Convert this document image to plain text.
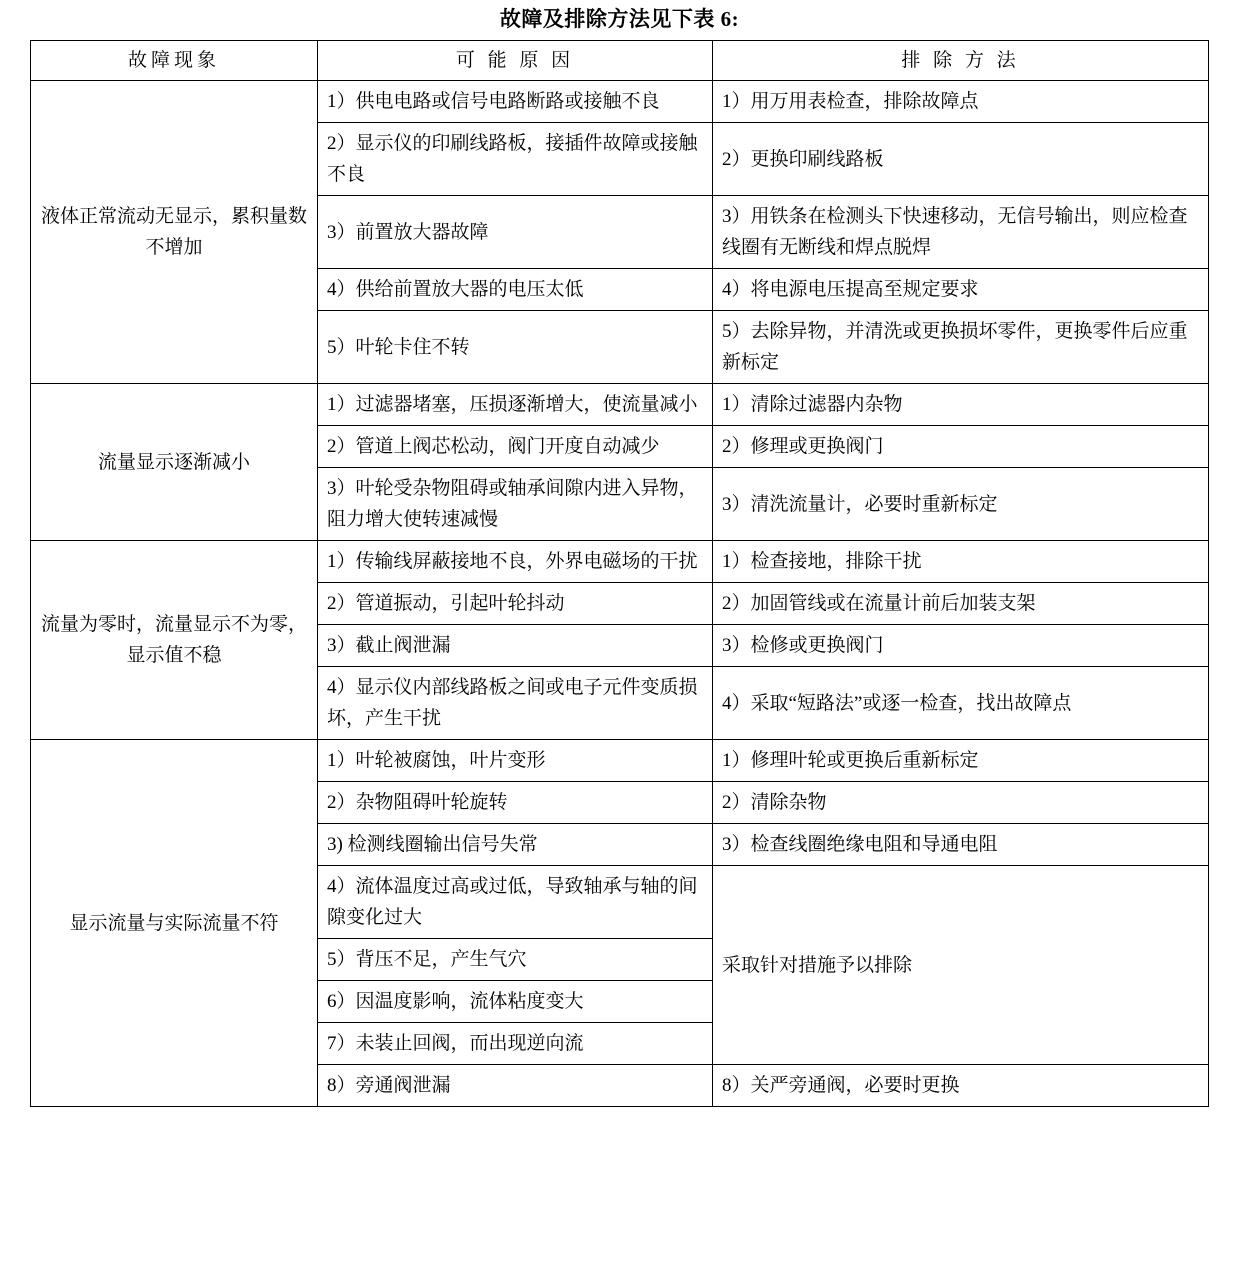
故障及排除方法见下表 6:
故障现象	可 能 原 因	排 除 方 法
液体正常流动无显示，累积量数不增加	1）供电电路或信号电路断路或接触不良	1）用万用表检查，排除故障点
	2）显示仪的印刷线路板，接插件故障或接触不良	2）更换印刷线路板
	3）前置放大器故障	3）用铁条在检测头下快速移动，无信号输出，则应检查线圈有无断线和焊点脱焊
	4）供给前置放大器的电压太低	4）将电源电压提高至规定要求
	5）叶轮卡住不转	5）去除异物，并清洗或更换损坏零件，更换零件后应重新标定
流量显示逐渐减小	1）过滤器堵塞，压损逐渐增大，使流量减小	1）清除过滤器内杂物
	2）管道上阀芯松动，阀门开度自动减少	2）修理或更换阀门
	3）叶轮受杂物阻碍或轴承间隙内进入异物，阻力增大使转速减慢	3）清洗流量计，必要时重新标定
流量为零时，流量显示不为零，显示值不稳	1）传输线屏蔽接地不良，外界电磁场的干扰	1）检查接地，排除干扰
	2）管道振动，引起叶轮抖动	2）加固管线或在流量计前后加装支架
	3）截止阀泄漏	3）检修或更换阀门
	4）显示仪内部线路板之间或电子元件变质损坏，产生干扰	4）采取“短路法”或逐一检查，找出故障点
显示流量与实际流量不符	1）叶轮被腐蚀，叶片变形	1）修理叶轮或更换后重新标定
	2）杂物阻碍叶轮旋转	2）清除杂物
	3) 检测线圈输出信号失常	3）检查线圈绝缘电阻和导通电阻
	4）流体温度过高或过低，导致轴承与轴的间隙变化过大	采取针对措施予以排除
	5）背压不足，产生气穴	
	6）因温度影响，流体粘度变大	
	7）未装止回阀，而出现逆向流	
	8）旁通阀泄漏	8）关严旁通阀，必要时更换
